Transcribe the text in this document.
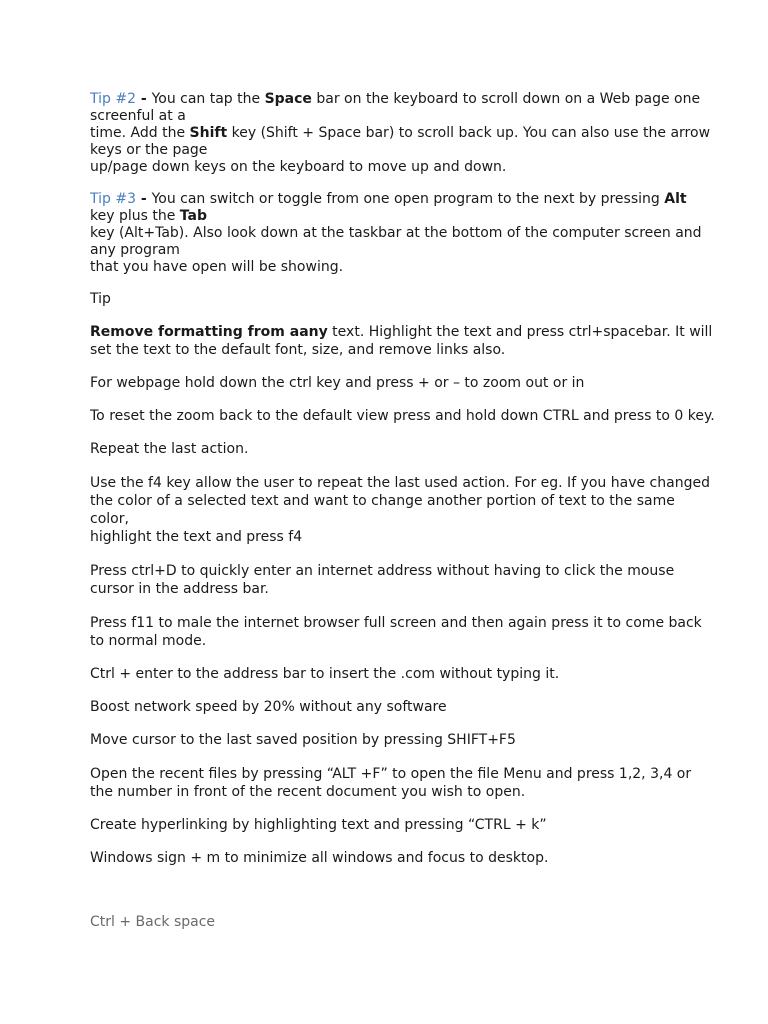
Tip #2 - You can tap the Space bar on the keyboard to scroll down on a Web page one

screenful at a

time. Add the Shift key (Shift + Space bar) to scroll back up. You can also use the arrow

keys or the page

up/page down keys on the keyboard to move up and down.

Tip #3 - You can switch or toggle from one open program to the next by pressing Alt

key plus the Tab

key (Alt+Tab). Also look down at the taskbar at the bottom of the computer screen and

any program

that you have open will be showing.

Tip

Remove formatting from aany text. Highlight the text and press ctrl+spacebar. It will

set the text to the default font, size, and remove links also.

For webpage hold down the ctrl key and press + or – to zoom out or in

To reset the zoom back to the default view press and hold down CTRL and press to 0 key.

Repeat the last action.

Use the f4 key allow the user to repeat the last used action. For eg. If you have changed

the color of a selected text and want to change another portion of text to the same color,

highlight the text and press f4

Press ctrl+D to quickly enter an internet address without having to click the mouse

cursor in the address bar.

Press f11 to male the internet browser full screen and then again press it to come back

to normal mode.

Ctrl + enter to the address bar to insert the .com without typing it.

Boost network speed by 20% without any software

Move cursor to the last saved position by pressing SHIFT+F5

Open the recent files by pressing “ALT +F” to open the file Menu and press 1,2, 3,4 or

the number in front of the recent document you wish to open.

Create hyperlinking by highlighting text and pressing “CTRL + k”

Windows sign + m to minimize all windows and focus to desktop.

Ctrl + Back space
